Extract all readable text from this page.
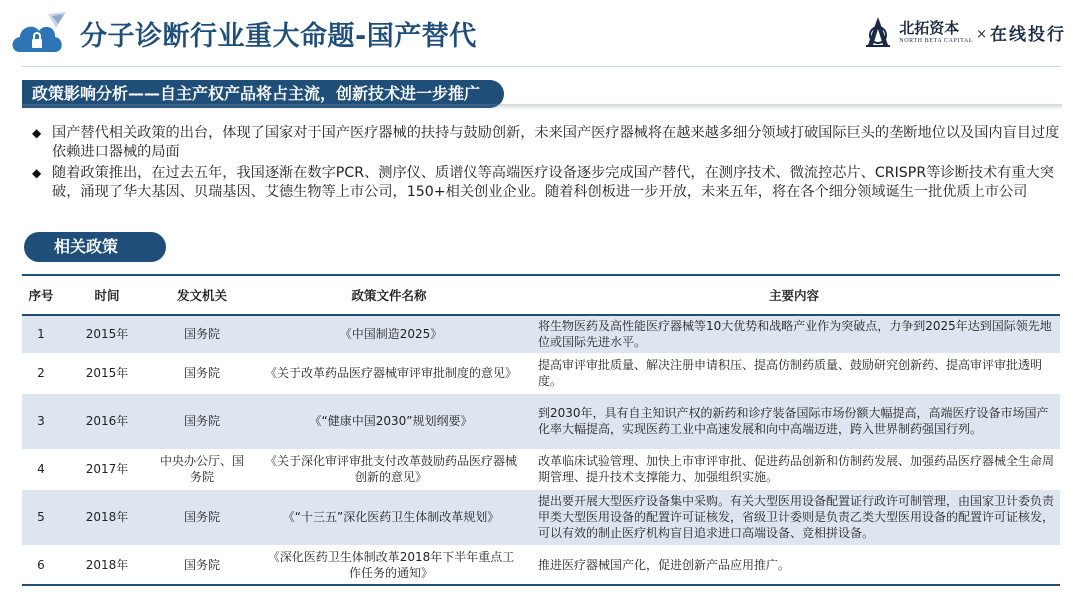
分子诊断行业重大命题-国产替代	北拓资本
NORTH BETA CAPITAL × 在线投行
政策影响分析——自主产权产品将占主流，创新技术进一步推广
◆ 国产替代相关政策的出台，体现了国家对于国产医疗器械的扶持与鼓励创新，未来国产医疗器械将在越来越多细分领域打破国际巨头的垄断地位以及国内盲目过度依赖进口器械的局面
◆ 随着政策推出，在过去五年，我国逐渐在数字PCR、测序仪、质谱仪等高端医疗设备逐步完成国产替代，在测序技术、微流控芯片、CRISPR等诊断技术有重大突破，涌现了华大基因、贝瑞基因、艾德生物等上市公司，150+相关创业企业。随着科创板进一步开放，未来五年，将在各个细分领域诞生一批优质上市公司
相关政策
序号	时间	发文机关	政策文件名称	主要内容
1	2015年	国务院	《中国制造2025》	将生物医药及高性能医疗器械等10大优势和战略产业作为突破点，力争到2025年达到国际领先地位或国际先进水平。
2	2015年	国务院	《关于改革药品医疗器械审评审批制度的意见》	提高审评审批质量、解决注册申请积压、提高仿制药质量、鼓励研究创新药、提高审评审批透明度。
3	2016年	国务院	《“健康中国2030”规划纲要》	到2030年，具有自主知识产权的新药和诊疗装备国际市场份额大幅提高，高端医疗设备市场国产化率大幅提高，实现医药工业中高速发展和向中高端迈进，跨入世界制药强国行列。
4	2017年	中央办公厅、国务院	《关于深化审评审批支付改革鼓励药品医疗器械创新的意见》	改革临床试验管理、加快上市审评审批、促进药品创新和仿制药发展、加强药品医疗器械全生命周期管理、提升技术支撑能力、加强组织实施。
5	2018年	国务院	《“十三五”深化医药卫生体制改革规划》	提出要开展大型医疗设备集中采购。有关大型医用设备配置证行政许可制管理，由国家卫计委负责甲类大型医用设备的配置许可证核发，省级卫计委则是负责乙类大型医用设备的配置许可证核发，可以有效的制止医疗机构盲目追求进口高端设备、竞相拼设备。
6	2018年	国务院	《深化医药卫生体制改革2018年下半年重点工作任务的通知》	推进医疗器械国产化，促进创新产品应用推广。
